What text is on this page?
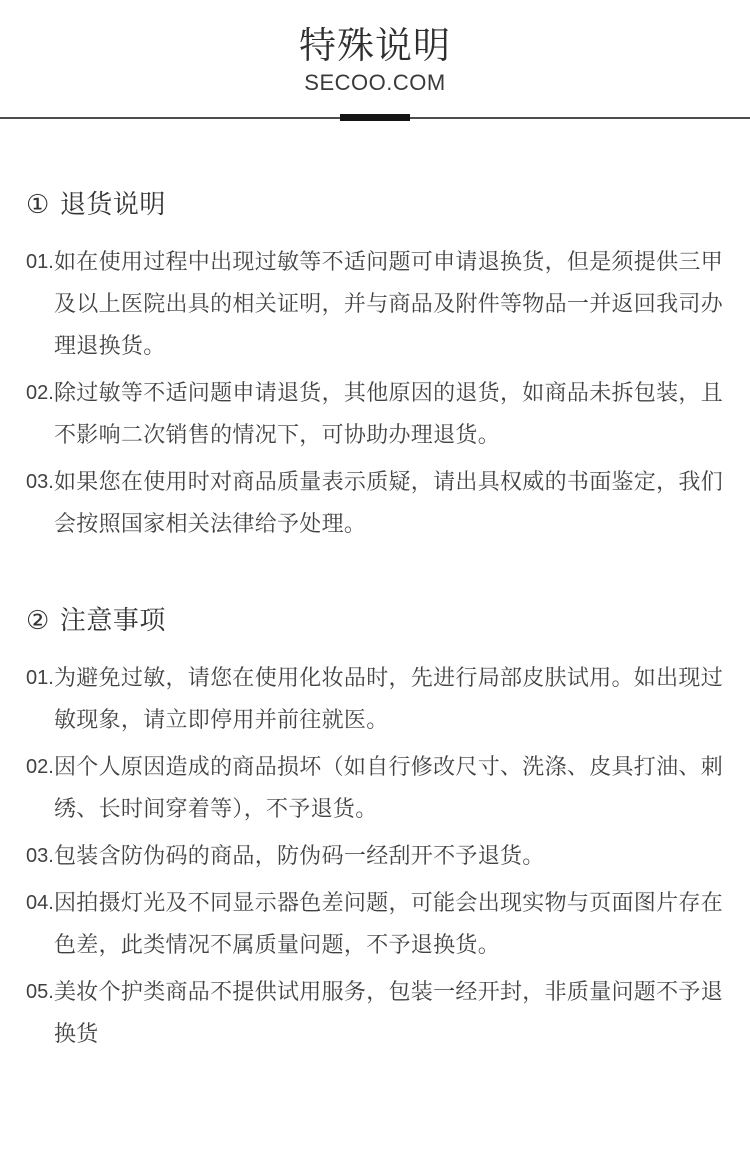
特殊说明
SECOO.COM
① 退货说明
01. 如在使用过程中出现过敏等不适问题可申请退换货，但是须提供三甲及以上医院出具的相关证明，并与商品及附件等物品一并返回我司办理退换货。
02. 除过敏等不适问题申请退货，其他原因的退货，如商品未拆包装，且不影响二次销售的情况下，可协助办理退货。
03. 如果您在使用时对商品质量表示质疑，请出具权威的书面鉴定，我们会按照国家相关法律给予处理。
② 注意事项
01. 为避免过敏，请您在使用化妆品时，先进行局部皮肤试用。如出现过敏现象，请立即停用并前往就医。
02. 因个人原因造成的商品损坏（如自行修改尺寸、洗涤、皮具打油、刺绣、长时间穿着等），不予退货。
03. 包装含防伪码的商品，防伪码一经刮开不予退货。
04. 因拍摄灯光及不同显示器色差问题，可能会出现实物与页面图片存在色差，此类情况不属质量问题，不予退换货。
05. 美妆个护类商品不提供试用服务，包装一经开封，非质量问题不予退换货
